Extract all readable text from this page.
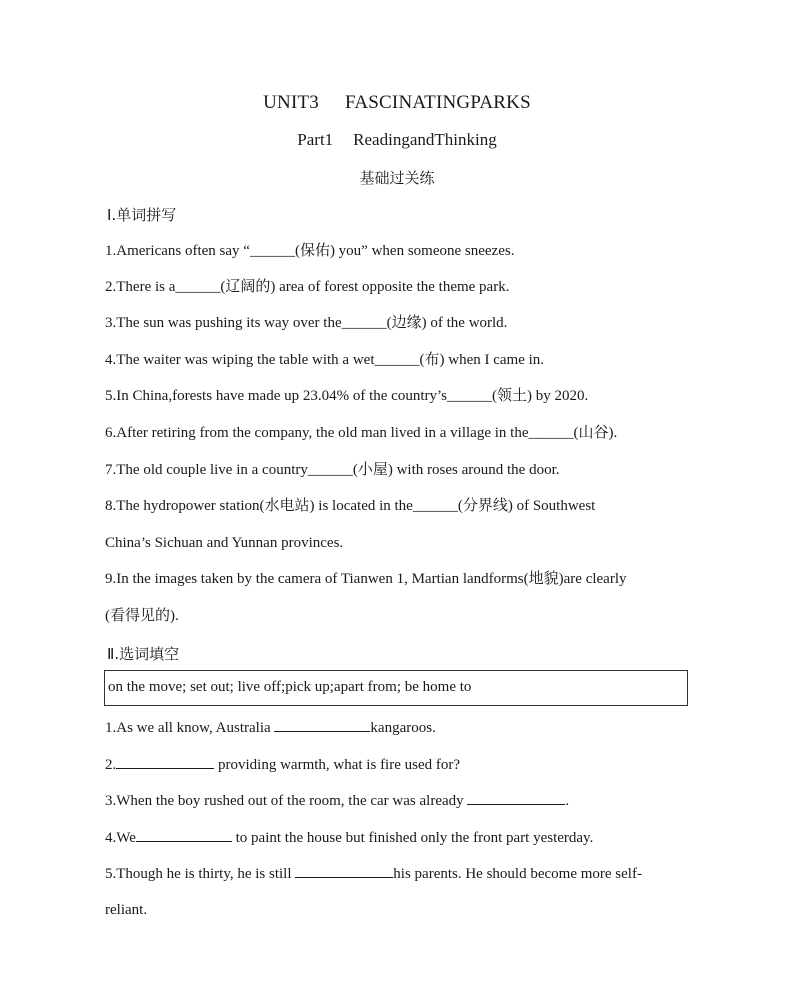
UNIT3 FASCINATINGPARKS
Part1 ReadingandThinking
基础过关练
Ⅰ.单词拼写
1.Americans often say “______(保佑) you” when someone sneezes.
2.There is a______(辽阔的) area of forest opposite the theme park.
3.The sun was pushing its way over the______(边缘) of the world.
4.The waiter was wiping the table with a wet______(布) when I came in.
5.In China,forests have made up 23.04% of the country’s______(领土) by 2020.
6.After retiring from the company, the old man lived in a village in the______(山谷).
7.The old couple live in a country______(小屋) with roses around the door.
8.The hydropower station(水电站) is located in the______(分界线) of Southwest
China’s Sichuan and Yunnan provinces.
9.In the images taken by the camera of Tianwen 1, Martian landforms(地貌)are clearly
(看得见的).
Ⅱ.选词填空
on the move; set out; live off;pick up;apart from; be home to
1.As we all know, Australia	kangaroos.
2.	providing warmth, what is fire used for?
3.When the boy rushed out of the room, the car was already	.
4.We	to paint the house but finished only the front part yesterday.
5.Though he is thirty, he is still	his parents. He should become more self-
reliant.
